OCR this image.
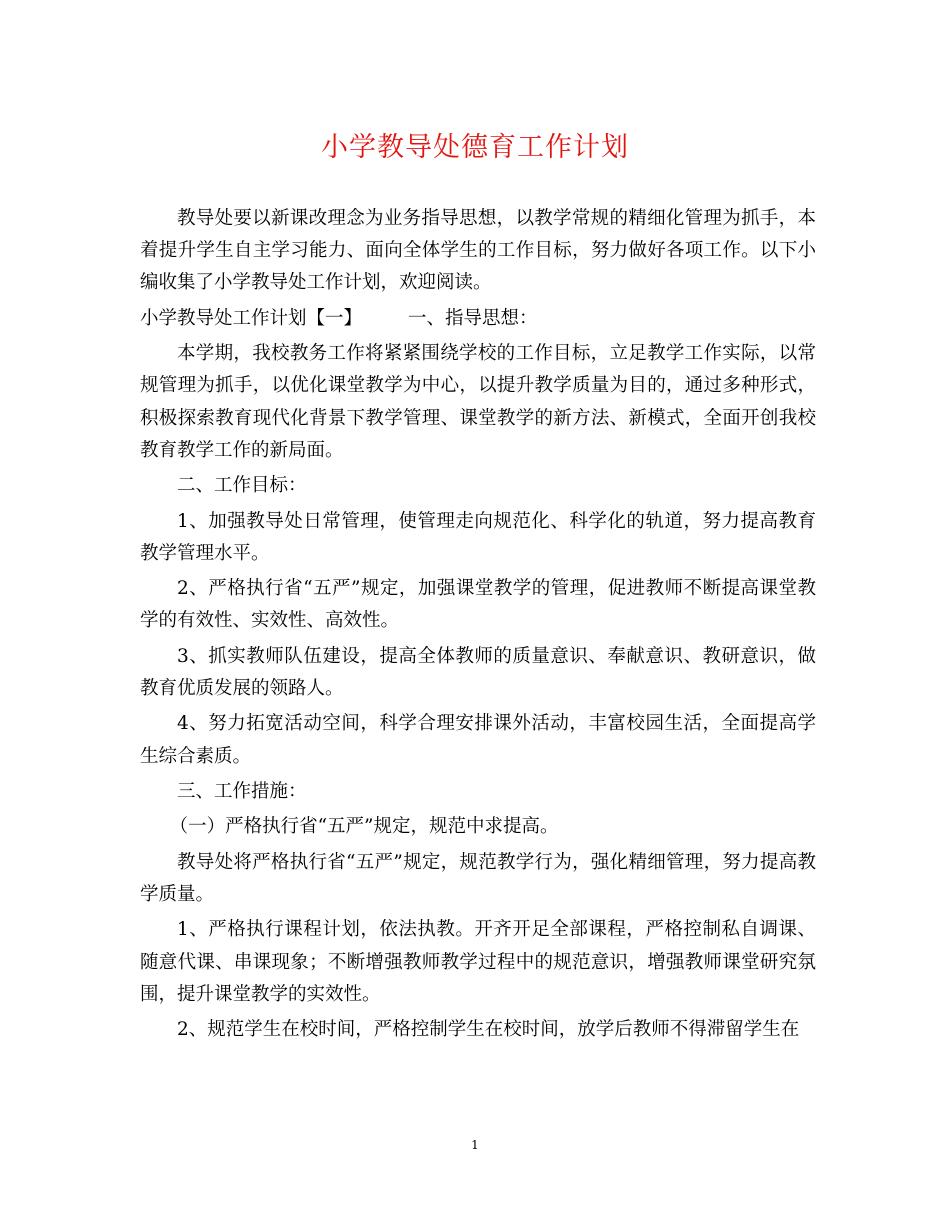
小学教导处德育工作计划

教导处要以新课改理念为业务指导思想，以教学常规的精细化管理为抓手，本着提升学生自主学习能力、面向全体学生的工作目标，努力做好各项工作。以下小编收集了小学教导处工作计划，欢迎阅读。

小学教导处工作计划【一】 一、指导思想：

本学期，我校教务工作将紧紧围绕学校的工作目标，立足教学工作实际，以常规管理为抓手，以优化课堂教学为中心，以提升教学质量为目的，通过多种形式，积极探索教育现代化背景下教学管理、课堂教学的新方法、新模式，全面开创我校教育教学工作的新局面。

二、工作目标：

1、加强教导处日常管理，使管理走向规范化、科学化的轨道，努力提高教育教学管理水平。

2、严格执行省“五严”规定，加强课堂教学的管理，促进教师不断提高课堂教学的有效性、实效性、高效性。

3、抓实教师队伍建设，提高全体教师的质量意识、奉献意识、教研意识，做教育优质发展的领路人。

4、努力拓宽活动空间，科学合理安排课外活动，丰富校园生活，全面提高学生综合素质。

三、工作措施：

（一）严格执行省“五严”规定，规范中求提高。

教导处将严格执行省“五严”规定，规范教学行为，强化精细管理，努力提高教学质量。

1、严格执行课程计划，依法执教。开齐开足全部课程，严格控制私自调课、随意代课、串课现象；不断增强教师教学过程中的规范意识，增强教师课堂研究氛围，提升课堂教学的实效性。

2、规范学生在校时间，严格控制学生在校时间，放学后教师不得滞留学生在

1
